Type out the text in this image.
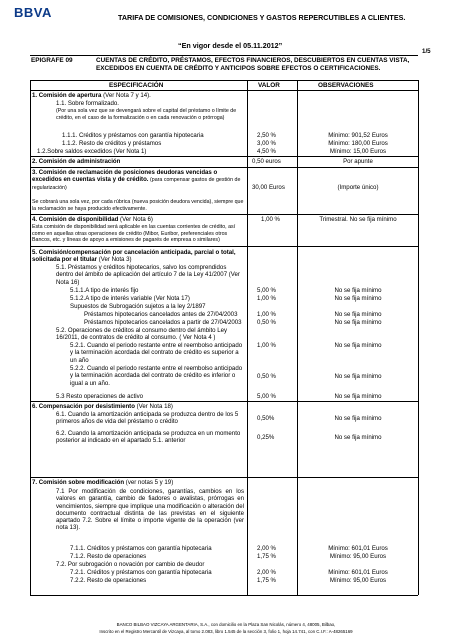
BBVA	TARIFA DE COMISIONES, CONDICIONES Y GASTOS REPERCUTIBLES A CLIENTES.
“En vigor desde el 05.11.2012”
1/5
EPIGRAFE 09	CUENTAS DE CRÉDITO, PRÉSTAMOS, EFECTOS FINANCIEROS, DESCUBIERTOS EN CUENTAS VISTA, EXCEDIDOS EN CUENTA DE CRÉDITO Y ANTICIPOS SOBRE EFECTOS O CERTIFICACIONES.
ESPECIFICACIÓN	VALOR	OBSERVACIONES
1. Comisión de apertura (Ver Nota 7 y 14).
1.1. Sobre formalizado.
(Por una sola vez que se devengará sobre el capital del préstamo o límite de crédito, en el caso de la formalización o en cada renovación o prórroga)
1.1.1. Créditos y préstamos con garantía hipotecaria	2,50 %	Mínimo: 901,52 Euros
1.1.2. Resto de créditos y préstamos	3,00 %	Mínimo: 180,00 Euros
1.2.Sobre saldos excedidos (Ver Nota 1)	4,50 %	Mínimo: 15,00 Euros
2. Comisión de administración	0,50 euros	Por apunte
3. Comisión de reclamación de posiciones deudoras vencidas o excedidos en cuentas vista y de crédito. (para compensar gastos de gestión de regularización)
Se cobrará una sola vez, por cada rúbrica (nueva posición deudora vencida), siempre que la reclamación se haya producido efectivamente.
30,00 Euros	(Importe único)
4. Comisión de disponibilidad (Ver Nota 6)
Esta comisión de disponibilidad será aplicable en las cuentas corrientes de crédito, así como en aquellas otras operaciones de crédito (Mibor, Euribor, preferenciales otros Bancos, etc. y líneas de apoyo a emisiones de pagarés de empresa o similares)
1,00 %	Trimestral. No se fija mínimo
5. Comisión/compensación por cancelación anticipada, parcial o total, solicitada por el titular (Ver Nota 3)
5.1. Préstamos y créditos hipotecarios, salvo los comprendidos dentro del ámbito de aplicación del artículo 7 de la Ley 41/2007 (Ver Nota 16)
5.1.1.A tipo de interés fijo	5,00 %	No se fija mínimo
5.1.2.A tipo de interés variable (Ver Nota 17)	1,00 %	No se fija mínimo
Supuestos de Subrogación sujetos a la ley 2/1897
Préstamos hipotecarios cancelados antes de 27/04/2003	1,00 %	No se fija mínimo
Préstamos hipotecarios cancelados a partir de 27/04/2003	0,50 %	No se fija mínimo
5.2. Operaciones de créditos al consumo dentro del ámbito Ley 16/2011, de contratos de crédito al consumo. ( Ver Nota 4 )
5.2.1. Cuando el periodo restante entre el reembolso anticipado y la terminación acordada del contrato de crédito es superior a un año
1,00 %	No se fija mínimo
5.2.2. Cuando el periodo restante entre el reembolso anticipado y la terminación acordada del contrato de crédito es inferior o igual a un año.
0,50 %	No se fija mínimo
5.3 Resto operaciones de activo	5,00 %	No se fija mínimo
6. Compensación por desistimiento (Ver Nota 18)
6.1. Cuando la amortización anticipada se produzca dentro de los 5 primeros años de vida del préstamo o crédito	0,50%	No se fija mínimo
6.2. Cuando la amortización anticipada se produzca en un momento posterior al indicado en el apartado 5.1. anterior	0,25%	No se fija mínimo
7. Comisión sobre modificación (ver notas 5 y 19)
7.1 Por modificación de condiciones, garantías, cambios en los valores en garantía, cambio de fiadores o avalistas, prórrogas en vencimientos, siempre que implique una modificación o alteración del documento contractual distinta de las previstas en el siguiente apartado 7.2. Sobre el límite o importe vigente de la operación (ver nota 13).
7.1.1. Créditos y préstamos con garantía hipotecaria	2,00 %	Mínimo: 601,01 Euros
7.1.2. Resto de operaciones	1,75 %	Mínimo: 95,00 Euros
7.2. Por subrogación o novación por cambio de deudor
7.2.1. Créditos y préstamos con garantía hipotecaria	2,00 %	Mínimo: 601,01 Euros
7.2.2. Resto de operaciones	1,75 %	Mínimo: 95,00 Euros
BANCO BILBAO VIZCAYA ARGENTARIA, S.A., con domicilio en la Plaza San Nicolás, número 4, 48005, Bilbao,
Inscrito en el Registro Mercantil de Vizcaya, al tomo 2.083, libro 1.545 de la sección 3, folio 1, hoja 14.741, con C.I.F.: A-48265169
